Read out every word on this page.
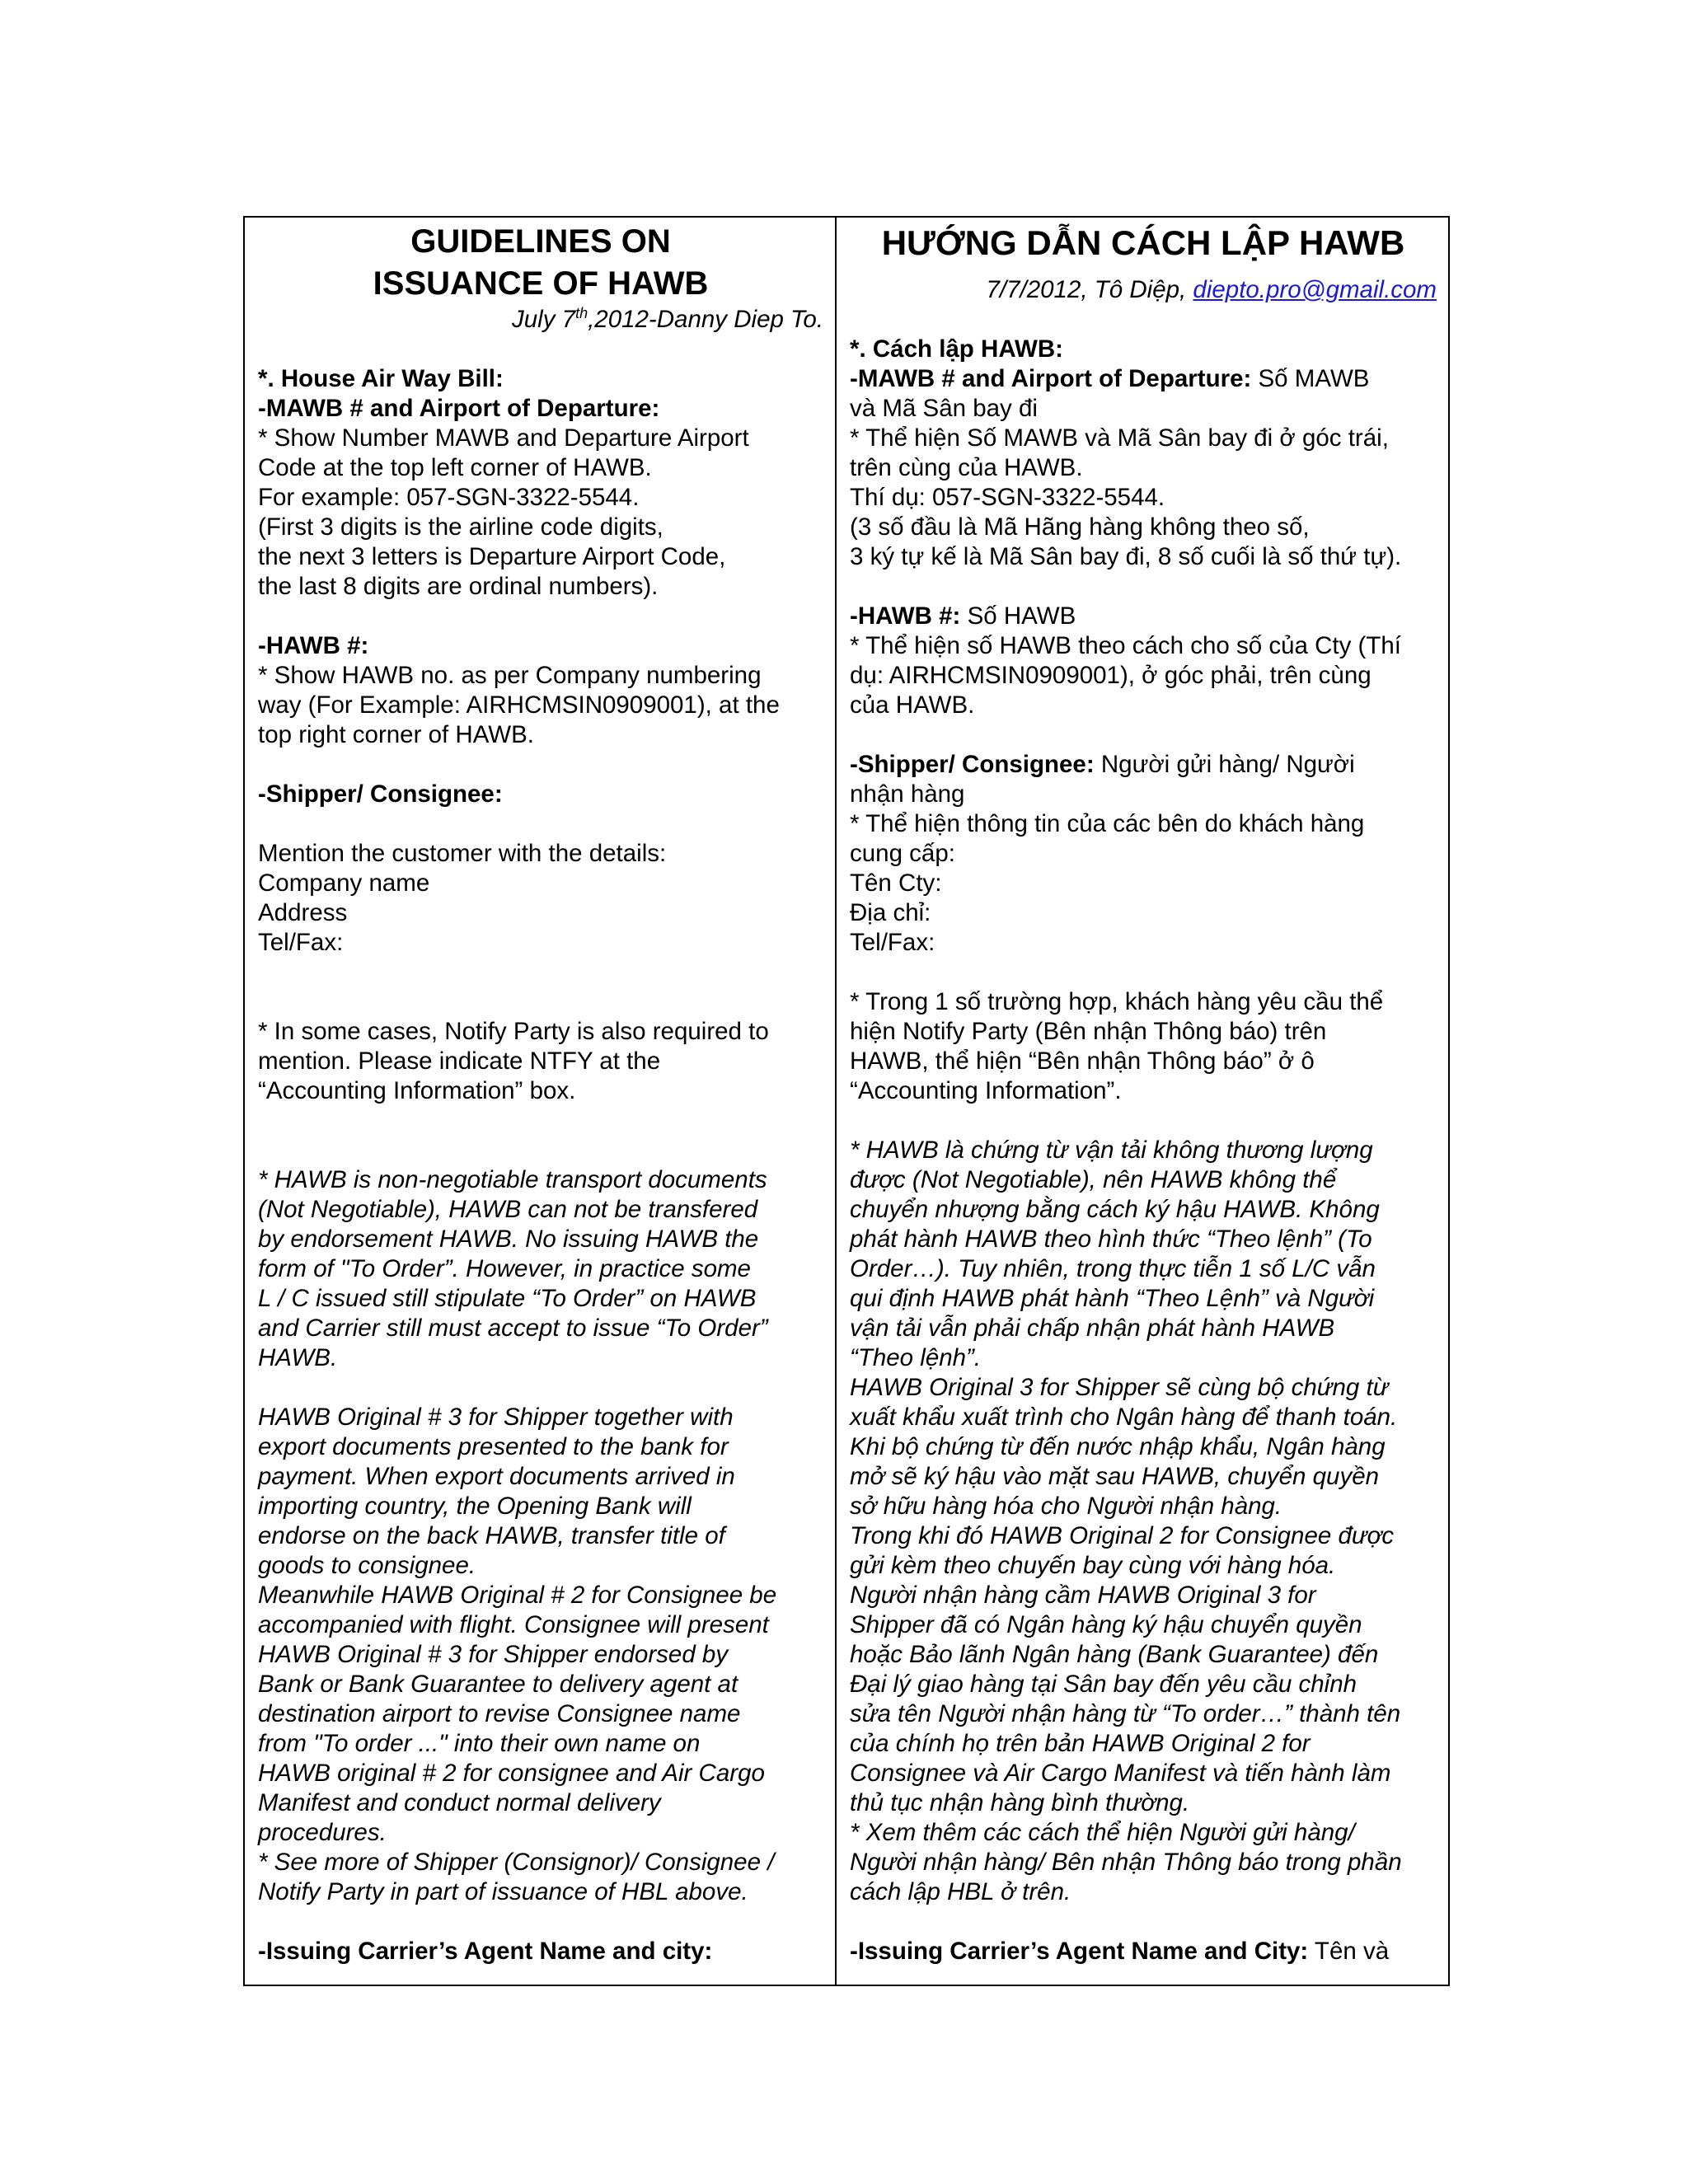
GUIDELINES ON
ISSUANCE OF HAWB
July 7th,2012-Danny Diep To.
*. House Air Way Bill:
-MAWB # and Airport of Departure:

* Show Number MAWB and Departure Airport

Code at the top left corner of HAWB.

For example: 057-SGN-3322-5544.

(First 3 digits is the airline code digits,

the next 3 letters is Departure Airport Code,

the last 8 digits are ordinal numbers).

-HAWB #:

* Show HAWB no. as per Company numbering

way (For Example: AIRHCMSIN0909001), at the

top right corner of HAWB.

-Shipper/ Consignee:

Mention the customer with the details:

Company name

Address

Tel/Fax:

* In some cases, Notify Party is also required to

mention. Please indicate NTFY at the

“Accounting Information” box.

* HAWB is non-negotiable transport documents

(Not Negotiable), HAWB can not be transfered

by endorsement HAWB. No issuing HAWB the

form of "To Order”. However, in practice some

L / C issued still stipulate “To Order” on HAWB

and Carrier still must accept to issue “To Order”

HAWB.

HAWB Original # 3 for Shipper together with

export documents presented to the bank for

payment. When export documents arrived in

importing country, the Opening Bank will

endorse on the back HAWB, transfer title of

goods to consignee.

Meanwhile HAWB Original # 2 for Consignee be

accompanied with flight. Consignee will present

HAWB Original # 3 for Shipper endorsed by

Bank or Bank Guarantee to delivery agent at

destination airport to revise Consignee name

from "To order ..." into their own name on

HAWB original # 2 for consignee and Air Cargo

Manifest and conduct normal delivery

procedures.

* See more of Shipper (Consignor)/ Consignee /

Notify Party in part of issuance of HBL above.

-Issuing Carrier’s Agent Name and city:
HƯỚNG DẪN CÁCH LẬP HAWB
7/7/2012, Tô Diệp, diepto.pro@gmail.com
*. Cách lập HAWB:

-MAWB # and Airport of Departure: Số MAWB

và Mã Sân bay đi

* Thể hiện Số MAWB và Mã Sân bay đi ở góc trái,

trên cùng của HAWB.

Thí dụ: 057-SGN-3322-5544.

(3 số đầu là Mã Hãng hàng không theo số,

3 ký tự kế là Mã Sân bay đi, 8 số cuối là số thứ tự).

-HAWB #: Số HAWB

* Thể hiện số HAWB theo cách cho số của Cty (Thí

dụ: AIRHCMSIN0909001), ở góc phải, trên cùng

của HAWB.

-Shipper/ Consignee: Người gửi hàng/ Người

nhận hàng

* Thể hiện thông tin của các bên do khách hàng

cung cấp:

Tên Cty:

Địa chỉ:

Tel/Fax:

* Trong 1 số trường hợp, khách hàng yêu cầu thể

hiện Notify Party (Bên nhận Thông báo) trên

HAWB, thể hiện “Bên nhận Thông báo” ở ô

“Accounting Information”.

* HAWB là chứng từ vận tải không thương lượng

được (Not Negotiable), nên HAWB không thể

chuyển nhượng bằng cách ký hậu HAWB. Không

phát hành HAWB theo hình thức “Theo lệnh” (To

Order…). Tuy nhiên, trong thực tiễn 1 số L/C vẫn

qui định HAWB phát hành “Theo Lệnh” và Người

vận tải vẫn phải chấp nhận phát hành HAWB

“Theo lệnh”.

HAWB Original 3 for Shipper sẽ cùng bộ chứng từ

xuất khẩu xuất trình cho Ngân hàng để thanh toán.

Khi bộ chứng từ đến nước nhập khẩu, Ngân hàng

mở sẽ ký hậu vào mặt sau HAWB, chuyển quyền

sở hữu hàng hóa cho Người nhận hàng.

Trong khi đó HAWB Original 2 for Consignee được

gửi kèm theo chuyến bay cùng với hàng hóa.

Người nhận hàng cầm HAWB Original 3 for

Shipper đã có Ngân hàng ký hậu chuyển quyền

hoặc Bảo lãnh Ngân hàng (Bank Guarantee) đến

Đại lý giao hàng tại Sân bay đến yêu cầu chỉnh

sửa tên Người nhận hàng từ “To order…” thành tên

của chính họ trên bản HAWB Original 2 for

Consignee và Air Cargo Manifest và tiến hành làm

thủ tục nhận hàng bình thường.

* Xem thêm các cách thể hiện Người gửi hàng/

Người nhận hàng/ Bên nhận Thông báo trong phần

cách lập HBL ở trên.

-Issuing Carrier’s Agent Name and City: Tên và
